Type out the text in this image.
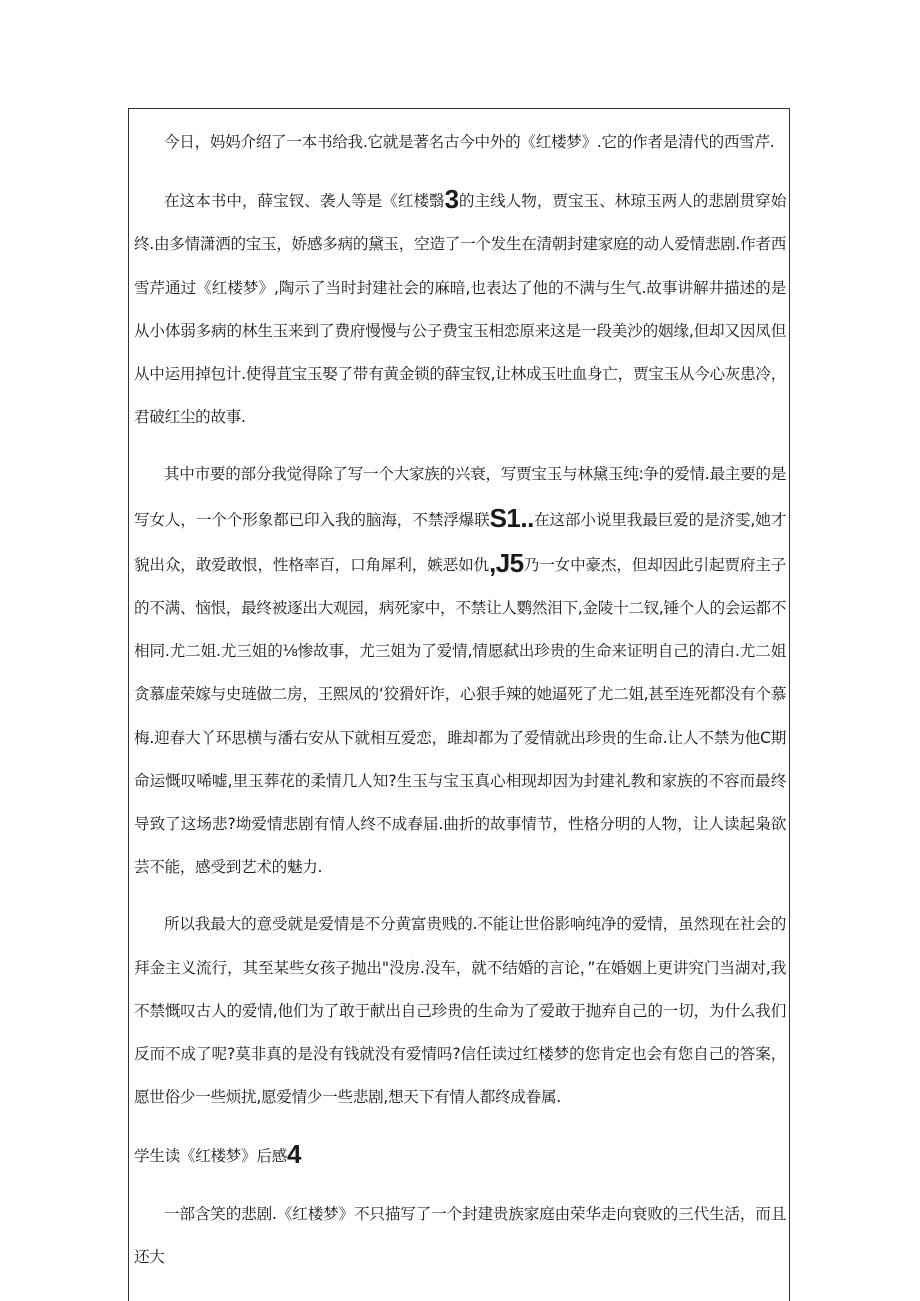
今日，妈妈介绍了一本书给我.它就是著名古今中外的《红楼梦》.它的作者是清代的西雪芹.

在这本书中，薛宝钗、袭人等是《红楼翳3的主线人物，贾宝玉、林琼玉两人的悲剧贯穿始终.由多情潇洒的宝玉，娇感多病的黛玉，空造了一个发生在清朝封建家庭的动人爱情悲剧.作者西雪芹通过《红楼梦》,陶示了当时封建社会的麻暗,也表达了他的不满与生气.故事讲解井描述的是从小体弱多病的林生玉来到了费府慢慢与公子费宝玉相恋原来这是一段美沙的姻缘,但却又因凤但从中运用掉包计.使得苴宝玉娶了带有黄金锁的薛宝钗,让林成玉吐血身亡，贾宝玉从今心灰患冷，君破红尘的故事.

其中市要的部分我觉得除了写一个大家族的兴衰，写贾宝玉与林黛玉纯:争的爱情.最主要的是写女人，一个个形象都已印入我的脑海，不禁浮爆联S1..在这部小说里我最巨爱的是济雯,她才貌出众，敢爱敢恨，性格率百，口角犀利，嫉恶如仇,J5乃一女中豪杰，但却因此引起贾府主子的不满、恼恨，最终被逐出大观园，病死家中，不禁让人鹦然泪下,金陵十二钗,锤个人的会运都不相同.尤二姐.尤三姐的⅛惨故事，尤三姐为了爱情,情愿弑出珍贵的生命来证明自己的清白.尤二姐贪慕虚荣嫁与史琏做二房，王熙凤的‘狡猾奸诈，心狠手辣的她逼死了尤二姐,甚至连死都没有个慕梅.迎春大丫环思横与潘右安从下就相互爱恋，雎却都为了爱情就出珍贵的生命.让人不禁为他C期命运慨叹唏嘘,里玉葬花的柔情几人知?生玉与宝玉真心相现却因为封建礼教和家族的不容而最终导致了这场悲?坳爱情悲剧有情人终不成春届.曲折的故事情节，性格分明的人物，让人读起枭欲芸不能，感受到艺术的魅力.

所以我最大的意受就是爱情是不分黄富贵贱的.不能让世俗影响纯净的爱情，虽然现在社会的拜金主义流行，其至某些女孩子抛出"没房.没车，就不结婚的言论，”在婚姻上更讲究门当湖对,我不禁慨叹古人的爱情,他们为了敢于献出自己珍贵的生命为了爱敢于抛弃自己的一切，为什么我们反而不成了呢?莫非真的是没有钱就没有爱情吗?信任读过红楼梦的您肯定也会有您自己的答案，愿世俗少一些烦扰,愿爱情少一些悲剧,想天下有情人都终成眷属.

学生读《红楼梦》后感4

一部含笑的悲剧.《红楼梦》不只描写了一个封建贵族家庭由荣华走向衰败的三代生活，而且还大
